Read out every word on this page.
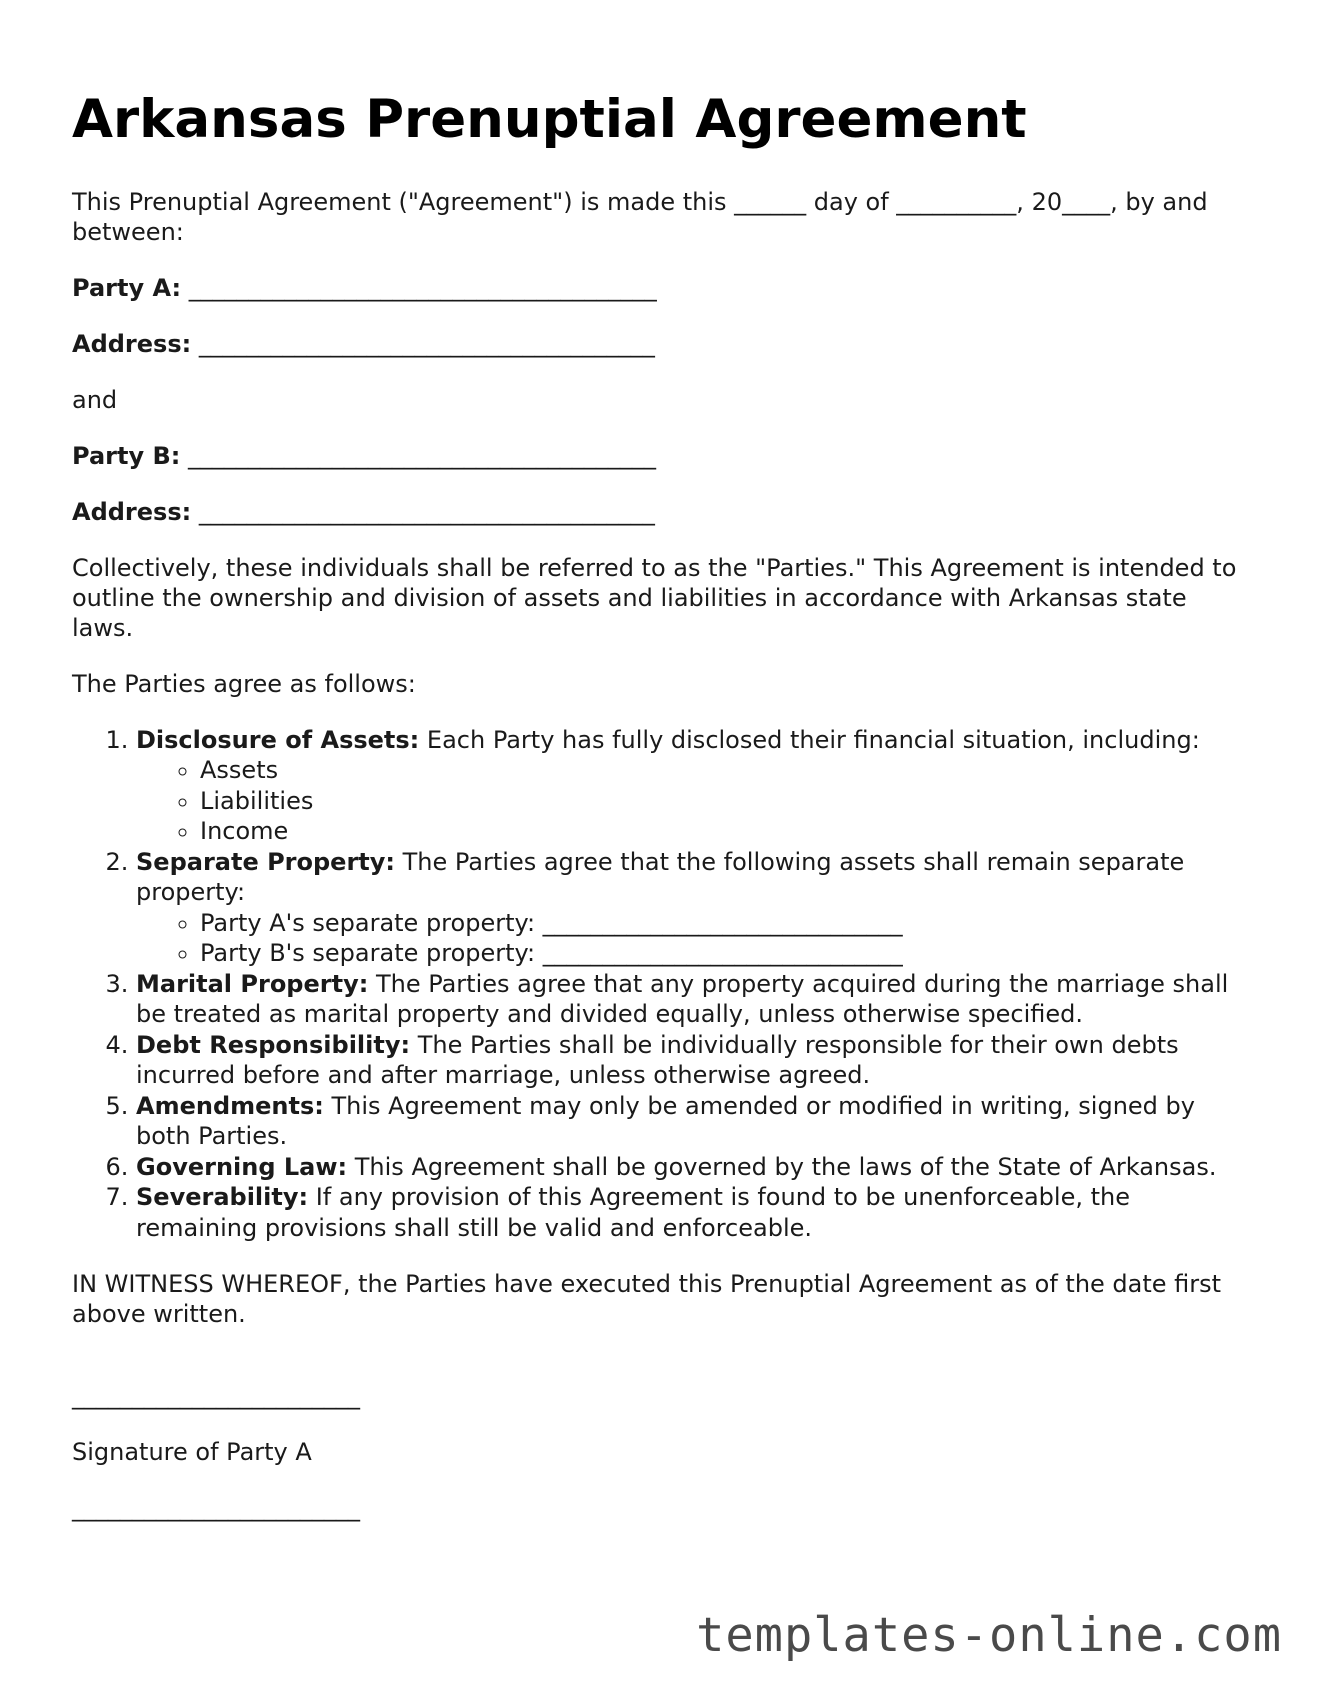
Arkansas Prenuptial Agreement

This Prenuptial Agreement ("Agreement") is made this ______ day of __________, 20____, by and between:

Party A: _______________________________________

Address: ______________________________________

and

Party B: _______________________________________

Address: ______________________________________

Collectively, these individuals shall be referred to as the "Parties." This Agreement is intended to outline the ownership and division of assets and liabilities in accordance with Arkansas state laws.

The Parties agree as follows:

1. Disclosure of Assets: Each Party has fully disclosed their financial situation, including:
◦ Assets
◦ Liabilities
◦ Income
2. Separate Property: The Parties agree that the following assets shall remain separate property:
◦ Party A's separate property: ______________________________
◦ Party B's separate property: ______________________________
3. Marital Property: The Parties agree that any property acquired during the marriage shall be treated as marital property and divided equally, unless otherwise specified.
4. Debt Responsibility: The Parties shall be individually responsible for their own debts incurred before and after marriage, unless otherwise agreed.
5. Amendments: This Agreement may only be amended or modified in writing, signed by both Parties.
6. Governing Law: This Agreement shall be governed by the laws of the State of Arkansas.
7. Severability: If any provision of this Agreement is found to be unenforceable, the remaining provisions shall still be valid and enforceable.

IN WITNESS WHEREOF, the Parties have executed this Prenuptial Agreement as of the date first above written.

________________________

Signature of Party A

________________________

templates-online.com
